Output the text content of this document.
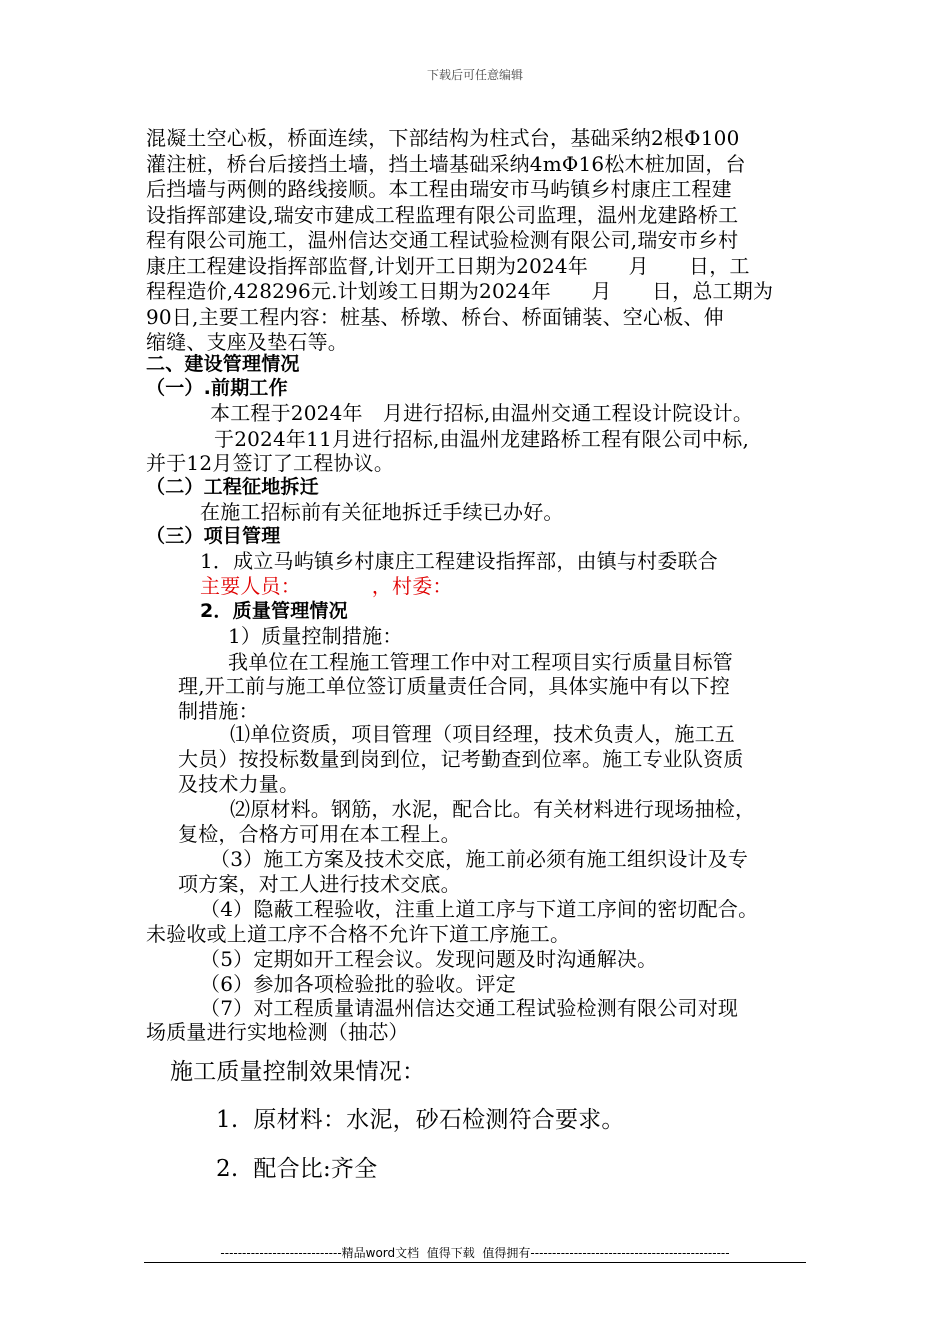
下载后可任意编辑
混凝土空心板，桥面连续，下部结构为柱式台，基础采纳2根Φ100
灌注桩，桥台后接挡土墙，挡土墙基础采纳4mΦ16松木桩加固，台
后挡墙与两侧的路线接顺。本工程由瑞安市马屿镇乡村康庄工程建
设指挥部建设,瑞安市建成工程监理有限公司监理，温州龙建路桥工
程有限公司施工，温州信达交通工程试验检测有限公司,瑞安市乡村
康庄工程建设指挥部监督,计划开工日期为2024年　　月　　日，工
程程造价,428296元.计划竣工日期为2024年　　月　　日，总工期为
90日,主要工程内容：桩基、桥墩、桥台、桥面铺装、空心板、伸
缩缝、支座及垫石等。
二、建设管理情况
（一）.前期工作
本工程于2024年　月进行招标,由温州交通工程设计院设计。
于2024年11月进行招标,由温州龙建路桥工程有限公司中标,
并于12月签订了工程协议。
（二）工程征地拆迁
在施工招标前有关征地拆迁手续已办好。
（三）项目管理
1．成立马屿镇乡村康庄工程建设指挥部，由镇与村委联合
主要人员：　　　　，村委：
2．质量管理情况
1）质量控制措施：
我单位在工程施工管理工作中对工程项目实行质量目标管
理,开工前与施工单位签订质量责任合同，具体实施中有以下控
制措施：
⑴单位资质，项目管理（项目经理，技术负责人，施工五
大员）按投标数量到岗到位，记考勤查到位率。施工专业队资质
及技术力量。
⑵原材料。钢筋，水泥，配合比。有关材料进行现场抽检，
复检，合格方可用在本工程上。
（3）施工方案及技术交底，施工前必须有施工组织设计及专
项方案，对工人进行技术交底。
（4）隐蔽工程验收，注重上道工序与下道工序间的密切配合。
未验收或上道工序不合格不允许下道工序施工。
（5）定期如开工程会议。发现问题及时沟通解决。
（6）参加各项检验批的验收。评定
（7）对工程质量请温州信达交通工程试验检测有限公司对现
场质量进行实地检测（抽芯）
施工质量控制效果情况：
1.  原材料：水泥，砂石检测符合要求。
2.  配合比:齐全
----------------------------精品word文档  值得下载  值得拥有----------------------------------------------
